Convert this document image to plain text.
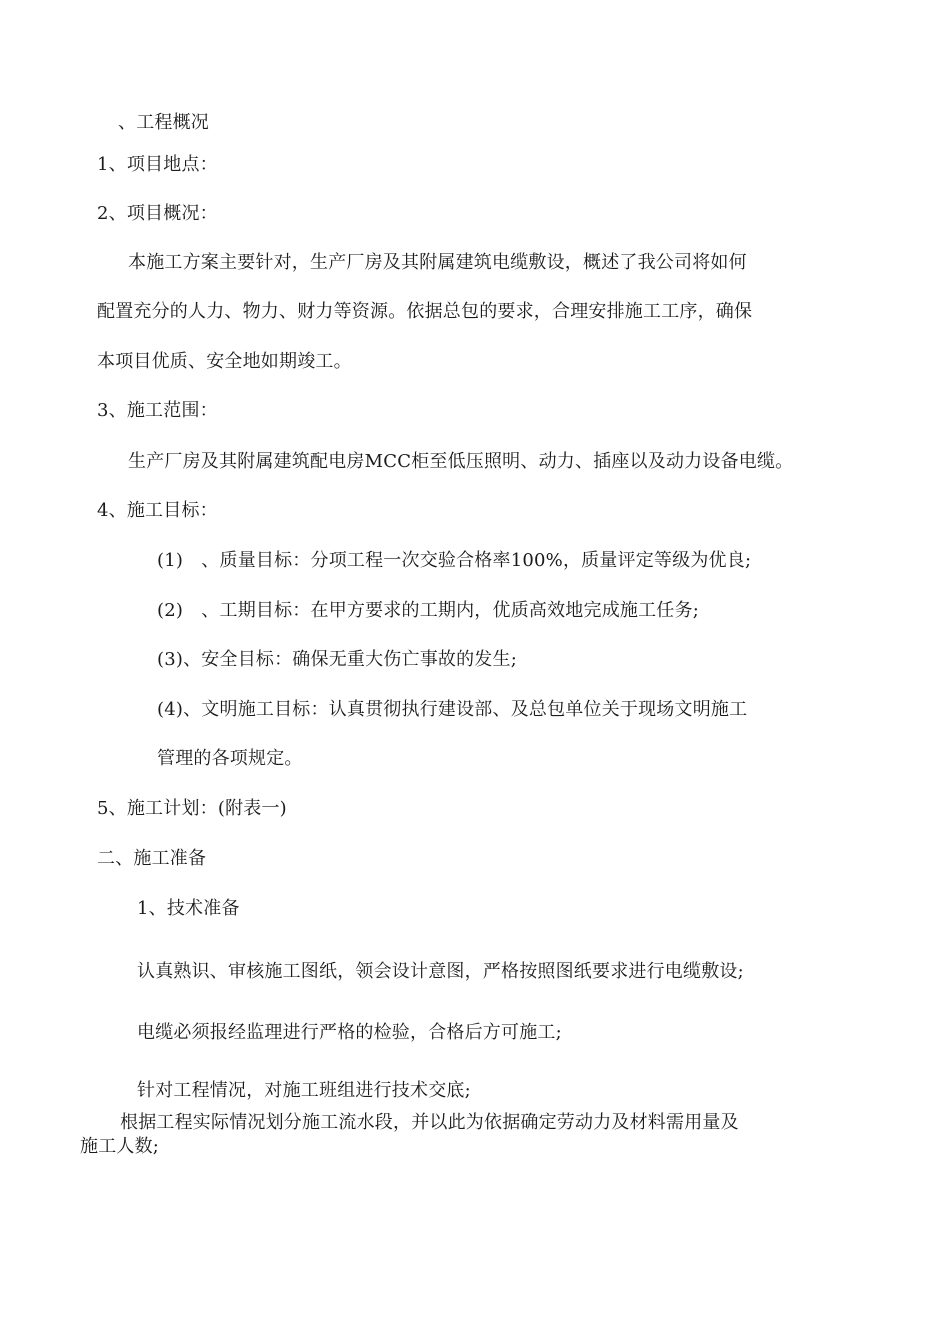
、工程概况
1、项目地点：
2、项目概况：
本施工方案主要针对，生产厂房及其附属建筑电缆敷设，概述了我公司将如何
配置充分的人力、物力、财力等资源。依据总包的要求，合理安排施工工序，确保
本项目优质、安全地如期竣工。
3、施工范围：
生产厂房及其附属建筑配电房MCC柜至低压照明、动力、插座以及动力设备电缆。
4、施工目标：
(1)　、质量目标：分项工程一次交验合格率100%，质量评定等级为优良;
(2)　、工期目标：在甲方要求的工期内，优质高效地完成施工任务;
(3)、安全目标：确保无重大伤亡事故的发生;
(4)、文明施工目标：认真贯彻执行建设部、及总包单位关于现场文明施工
管理的各项规定。
5、施工计划：(附表一)
二、施工准备
1、技术准备
认真熟识、审核施工图纸，领会设计意图，严格按照图纸要求进行电缆敷设;
电缆必须报经监理进行严格的检验，合格后方可施工;
针对工程情况，对施工班组进行技术交底;
根据工程实际情况划分施工流水段，并以此为依据确定劳动力及材料需用量及
施工人数;
